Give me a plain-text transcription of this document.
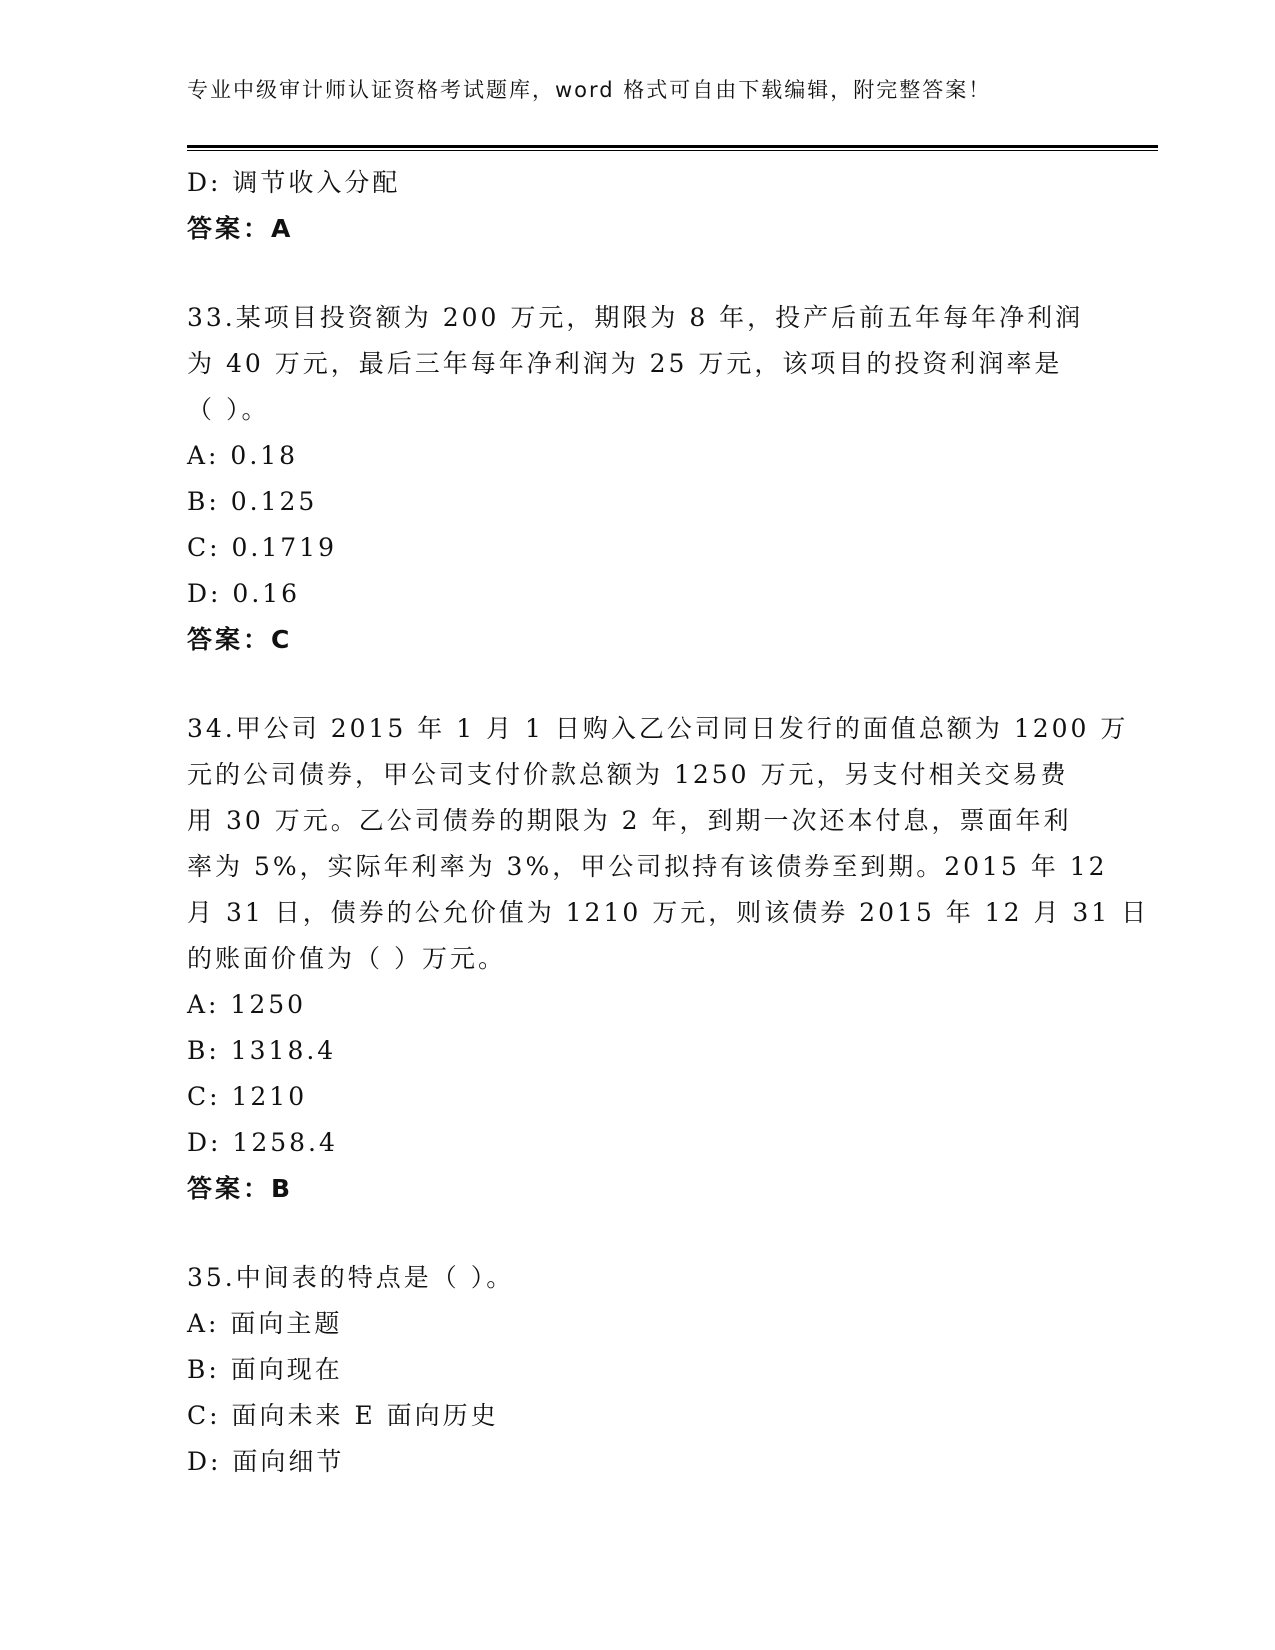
专业中级审计师认证资格考试题库，word 格式可自由下载编辑，附完整答案！
D: 调节收入分配
答案：A
33.某项目投资额为 200 万元，期限为 8 年，投产后前五年每年净利润
为 40 万元，最后三年每年净利润为 25 万元，该项目的投资利润率是
（ ）。
A: 0.18
B: 0.125
C: 0.1719
D: 0.16
答案：C
34.甲公司 2015 年 1 月 1 日购入乙公司同日发行的面值总额为 1200 万
元的公司债券，甲公司支付价款总额为 1250 万元，另支付相关交易费
用 30 万元。乙公司债券的期限为 2 年，到期一次还本付息，票面年利
率为 5%，实际年利率为 3%，甲公司拟持有该债券至到期。2015 年 12
月 31 日，债券的公允价值为 1210 万元，则该债券 2015 年 12 月 31 日
的账面价值为（ ）万元。
A: 1250
B: 1318.4
C: 1210
D: 1258.4
答案：B
35.中间表的特点是（ ）。
A: 面向主题
B: 面向现在
C: 面向未来 E 面向历史
D: 面向细节
